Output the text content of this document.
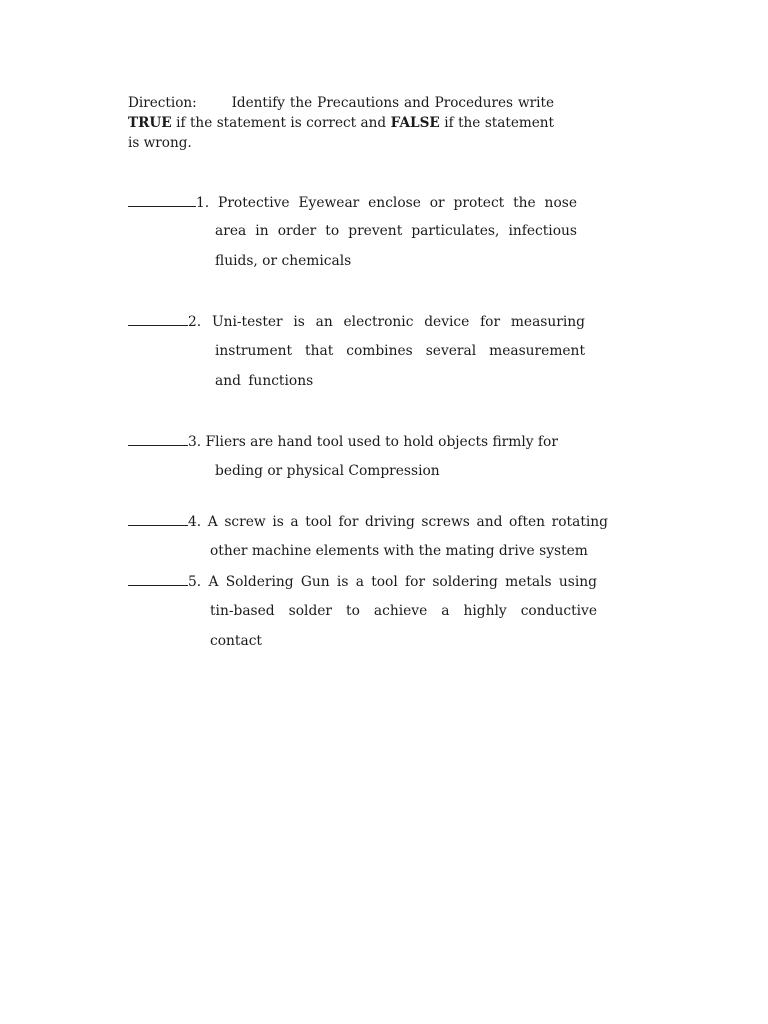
Direction:	Identify the Precautions and Procedures write TRUE if the statement is correct and FALSE if the statement is wrong.
1. Protective Eyewear enclose or protect the nose
area in order to prevent particulates, infectious
fluids, or chemicals
2. Uni-tester is an electronic device for measuring
instrument that combines several measurement
and functions
3. Fliers are hand tool used to hold objects firmly for
beding or physical Compression
4. A screw is a tool for driving screws and often rotating
other machine elements with the mating drive system
5. A Soldering Gun is a tool for soldering metals using
tin-based solder to achieve a highly conductive
contact
